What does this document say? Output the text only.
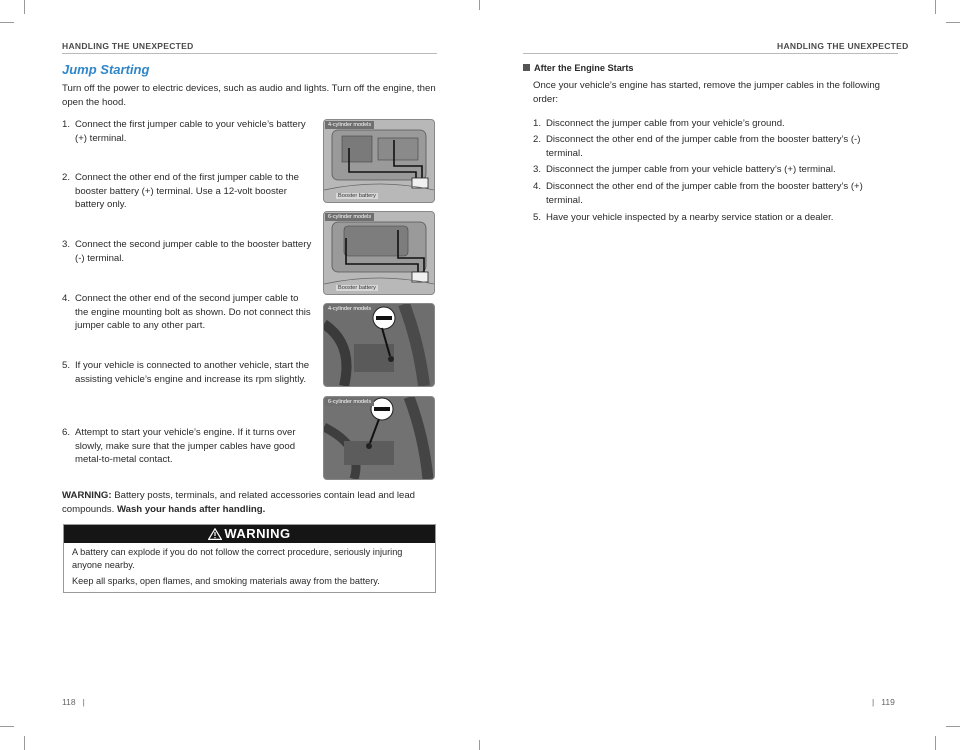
HANDLING THE UNEXPECTED
Jump Starting

Turn off the power to electric devices, such as audio and lights. Turn off the engine, then open the hood.

1. Connect the first jumper cable to your vehicle’s battery (+) terminal.
2. Connect the other end of the first jumper cable to the booster battery (+) terminal. Use a 12-volt booster battery only.
3. Connect the second jumper cable to the booster battery (-) terminal.
4. Connect the other end of the second jumper cable to the engine mounting bolt as shown. Do not connect this jumper cable to any other part.
5. If your vehicle is connected to another vehicle, start the assisting vehicle’s engine and increase its rpm slightly.
6. Attempt to start your vehicle’s engine. If it turns over slowly, make sure that the jumper cables have good metal-to-metal contact.
4-cylinder models
Booster battery
6-cylinder models
Booster battery
4-cylinder models
6-cylinder models

WARNING: Battery posts, terminals, and related accessories contain lead and lead compounds. Wash your hands after handling.

WARNING

A battery can explode if you do not follow the correct procedure, seriously injuring anyone nearby.

Keep all sparks, open flames, and smoking materials away from the battery.

118   |
HANDLING THE UNEXPECTED
After the Engine Starts

Once your vehicle’s engine has started, remove the jumper cables in the following order:

1. Disconnect the jumper cable from your vehicle’s ground.
2. Disconnect the other end of the jumper cable from the booster battery’s (-) terminal.
3. Disconnect the jumper cable from your vehicle battery’s (+) terminal.
4. Disconnect the other end of the jumper cable from the booster battery’s (+) terminal.
5. Have your vehicle inspected by a nearby service station or a dealer.
|   119
